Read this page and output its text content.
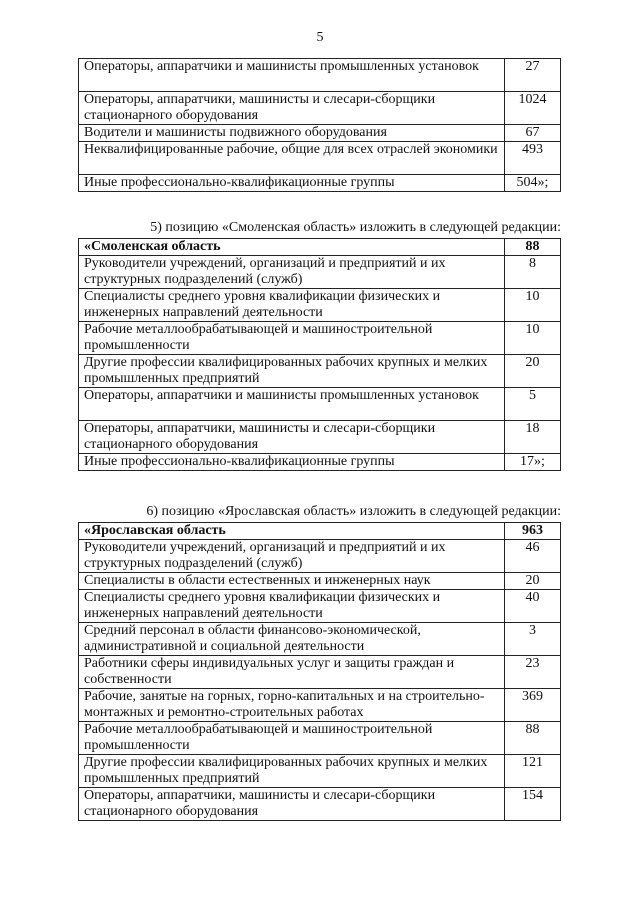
5
Операторы, аппаратчики и машинисты промышленных установок	27
Операторы, аппаратчики, машинисты и слесари-сборщики стационарного оборудования	1024
Водители и машинисты подвижного оборудования	67
Неквалифицированные рабочие, общие для всех отраслей экономики	493
Иные профессионально-квалификационные группы	504»;
5) позицию «Смоленская область» изложить в следующей редакции:
«Смоленская область	88
Руководители учреждений, организаций и предприятий и их структурных подразделений (служб)	8
Специалисты среднего уровня квалификации физических и инженерных направлений деятельности	10
Рабочие металлообрабатывающей и машиностроительной промышленности	10
Другие профессии квалифицированных рабочих крупных и мелких промышленных предприятий	20
Операторы, аппаратчики и машинисты промышленных установок	5
Операторы, аппаратчики, машинисты и слесари-сборщики стационарного оборудования	18
Иные профессионально-квалификационные группы	17»;
6) позицию «Ярославская область» изложить в следующей редакции:
«Ярославская область	963
Руководители учреждений, организаций и предприятий и их структурных подразделений (служб)	46
Специалисты в области естественных и инженерных наук	20
Специалисты среднего уровня квалификации физических и инженерных направлений деятельности	40
Средний персонал в области финансово-экономической, административной и социальной деятельности	3
Работники сферы индивидуальных услуг и защиты граждан и собственности	23
Рабочие, занятые на горных, горно-капитальных и на строительно-монтажных и ремонтно-строительных работах	369
Рабочие металлообрабатывающей и машиностроительной промышленности	88
Другие профессии квалифицированных рабочих крупных и мелких промышленных предприятий	121
Операторы, аппаратчики, машинисты и слесари-сборщики стационарного оборудования	154
